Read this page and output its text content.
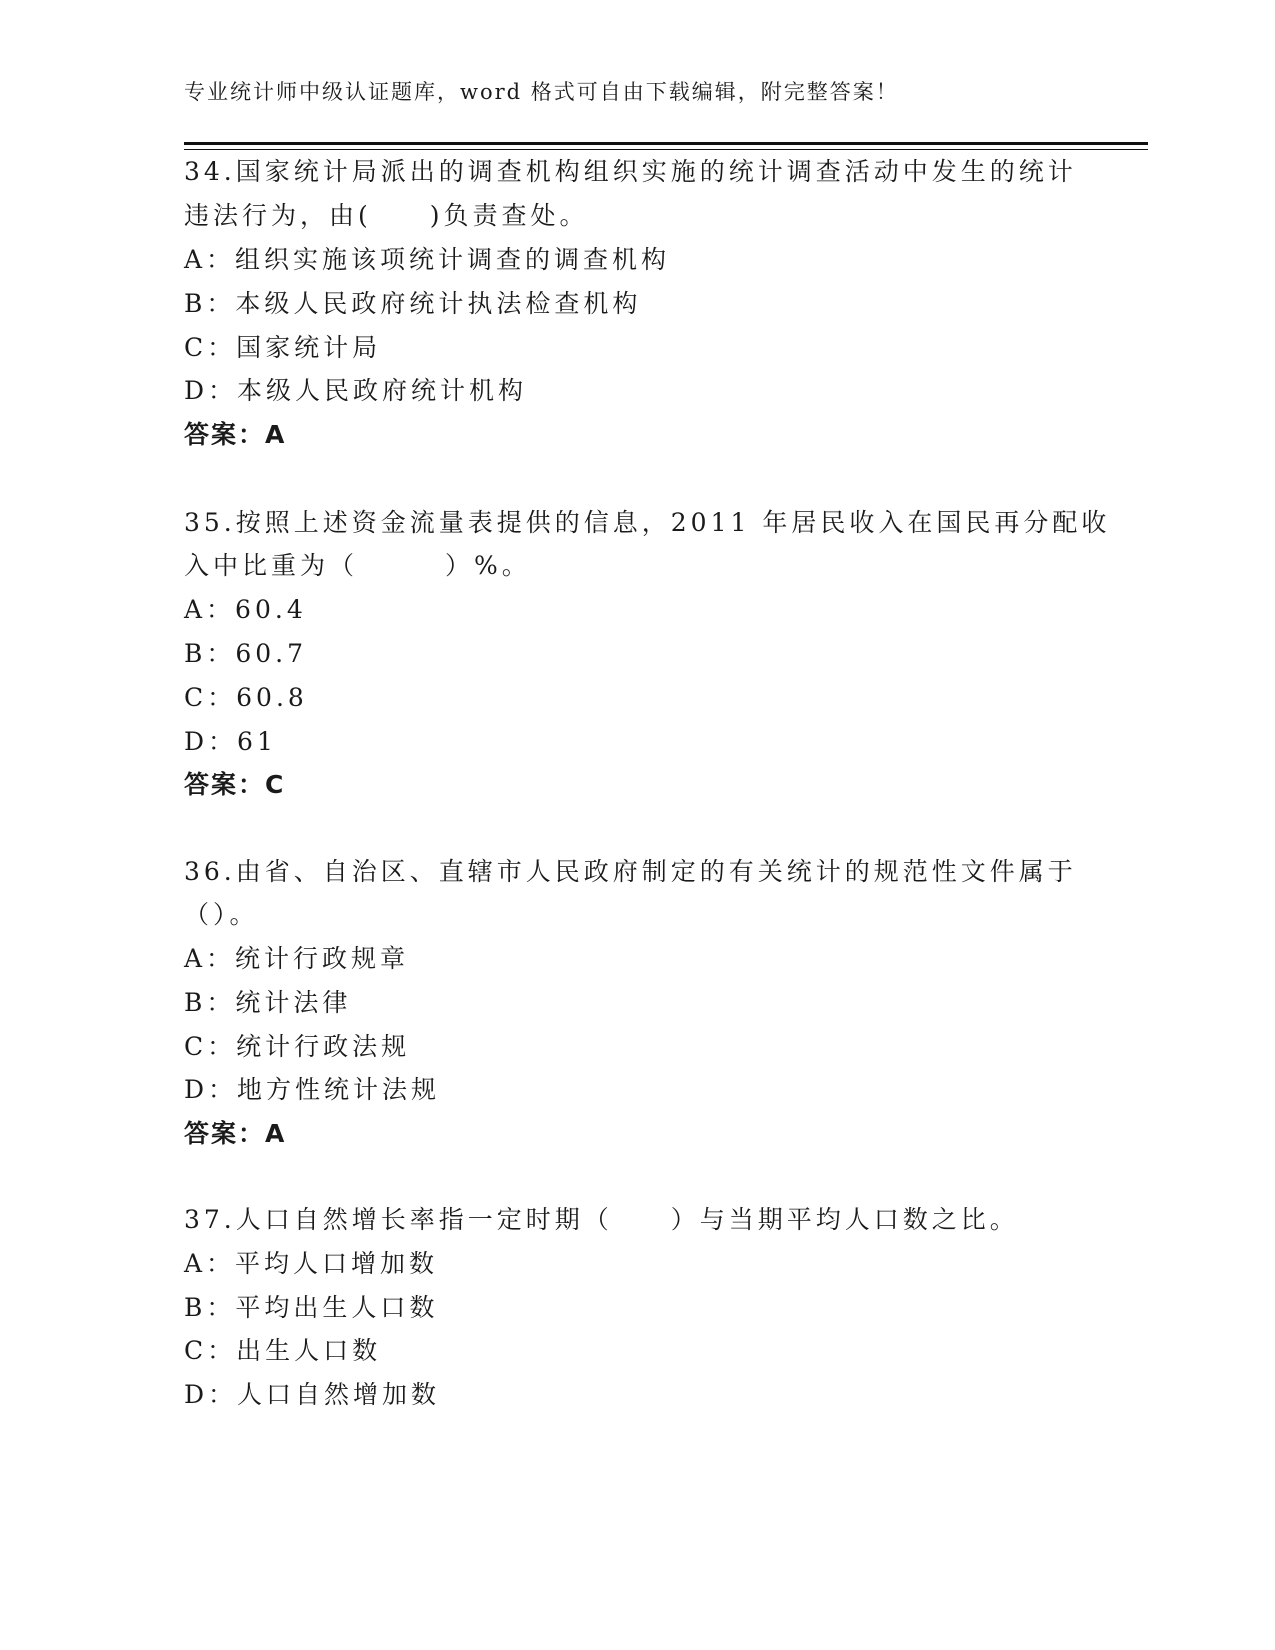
专业统计师中级认证题库，word 格式可自由下载编辑，附完整答案！
34.国家统计局派出的调查机构组织实施的统计调查活动中发生的统计
违法行为，由(　　)负责查处。
A：组织实施该项统计调查的调查机构
B：本级人民政府统计执法检查机构
C：国家统计局
D：本级人民政府统计机构
答案：A
35.按照上述资金流量表提供的信息，2011 年居民收入在国民再分配收
入中比重为（　　　）%。
A：60.4
B：60.7
C：60.8
D：61
答案：C
36.由省、自治区、直辖市人民政府制定的有关统计的规范性文件属于
（）。
A：统计行政规章
B：统计法律
C：统计行政法规
D：地方性统计法规
答案：A
37.人口自然增长率指一定时期（　　）与当期平均人口数之比。
A：平均人口增加数
B：平均出生人口数
C：出生人口数
D：人口自然增加数
